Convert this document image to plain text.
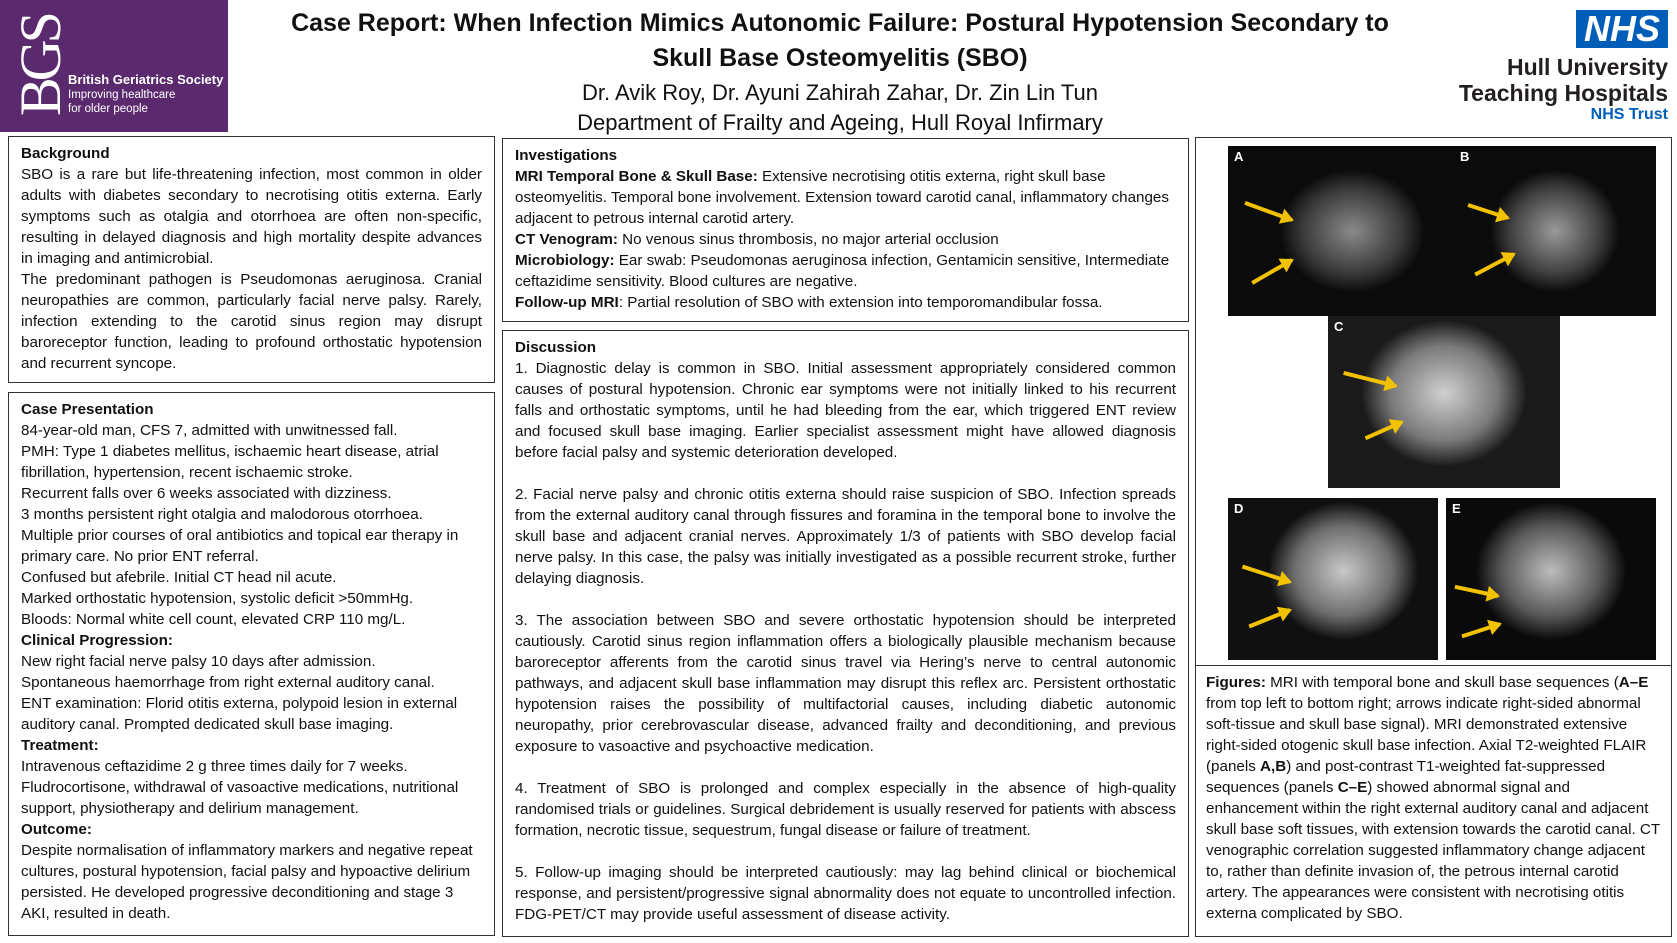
BGS
British Geriatrics Society
Improving healthcare
for older people
Case Report: When Infection Mimics Autonomic Failure: Postural Hypotension Secondary to Skull Base Osteomyelitis (SBO)
Dr. Avik Roy, Dr. Ayuni Zahirah Zahar, Dr. Zin Lin Tun
Department of Frailty and Ageing, Hull Royal Infirmary
NHS
Hull University
Teaching Hospitals
NHS Trust

Background

SBO is a rare but life-threatening infection, most common in older adults with diabetes secondary to necrotising otitis externa. Early symptoms such as otalgia and otorrhoea are often non-specific, resulting in delayed diagnosis and high mortality despite advances in imaging and antimicrobial.

The predominant pathogen is Pseudomonas aeruginosa. Cranial neuropathies are common, particularly facial nerve palsy. Rarely, infection extending to the carotid sinus region may disrupt baroreceptor function, leading to profound orthostatic hypotension and recurrent syncope.

Case Presentation

84-year-old man, CFS 7, admitted with unwitnessed fall.

PMH: Type 1 diabetes mellitus, ischaemic heart disease, atrial fibrillation, hypertension, recent ischaemic stroke.

Recurrent falls over 6 weeks associated with dizziness.

3 months persistent right otalgia and malodorous otorrhoea.

Multiple prior courses of oral antibiotics and topical ear therapy in primary care. No prior ENT referral.

Confused but afebrile. Initial CT head nil acute.

Marked orthostatic hypotension, systolic deficit >50mmHg.

Bloods: Normal white cell count, elevated CRP 110 mg/L.

Clinical Progression:

New right facial nerve palsy 10 days after admission.

Spontaneous haemorrhage from right external auditory canal.

ENT examination: Florid otitis externa, polypoid lesion in external auditory canal. Prompted dedicated skull base imaging.

Treatment:

Intravenous ceftazidime 2 g three times daily for 7 weeks.

Fludrocortisone, withdrawal of vasoactive medications, nutritional support, physiotherapy and delirium management.

Outcome:

Despite normalisation of inflammatory markers and negative repeat cultures, postural hypotension, facial palsy and hypoactive delirium persisted. He developed progressive deconditioning and stage 3 AKI, resulted in death.

Investigations

MRI Temporal Bone & Skull Base: Extensive necrotising otitis externa, right skull base osteomyelitis. Temporal bone involvement. Extension toward carotid canal, inflammatory changes adjacent to petrous internal carotid artery.

CT Venogram: No venous sinus thrombosis, no major arterial occlusion

Microbiology: Ear swab: Pseudomonas aeruginosa infection, Gentamicin sensitive, Intermediate ceftazidime sensitivity. Blood cultures are negative.

Follow-up MRI: Partial resolution of SBO with extension into temporomandibular fossa.

Discussion

1. Diagnostic delay is common in SBO. Initial assessment appropriately considered common causes of postural hypotension. Chronic ear symptoms were not initially linked to his recurrent falls and orthostatic symptoms, until he had bleeding from the ear, which triggered ENT review and focused skull base imaging. Earlier specialist assessment might have allowed diagnosis before facial palsy and systemic deterioration developed.

2. Facial nerve palsy and chronic otitis externa should raise suspicion of SBO. Infection spreads from the external auditory canal through fissures and foramina in the temporal bone to involve the skull base and adjacent cranial nerves. Approximately 1/3 of patients with SBO develop facial nerve palsy. In this case, the palsy was initially investigated as a possible recurrent stroke, further delaying diagnosis.

3. The association between SBO and severe orthostatic hypotension should be interpreted cautiously. Carotid sinus region inflammation offers a biologically plausible mechanism because baroreceptor afferents from the carotid sinus travel via Hering’s nerve to central autonomic pathways, and adjacent skull base inflammation may disrupt this reflex arc. Persistent orthostatic hypotension raises the possibility of multifactorial causes, including diabetic autonomic neuropathy, prior cerebrovascular disease, advanced frailty and deconditioning, and previous exposure to vasoactive and psychoactive medication.

4. Treatment of SBO is prolonged and complex especially in the absence of high-quality randomised trials or guidelines. Surgical debridement is usually reserved for patients with abscess formation, necrotic tissue, sequestrum, fungal disease or failure of treatment.

5. Follow-up imaging should be interpreted cautiously: may lag behind clinical or biochemical response, and persistent/progressive signal abnormality does not equate to uncontrolled infection. FDG-PET/CT may provide useful assessment of disease activity.

A	B
C
D	E

Figures: MRI with temporal bone and skull base sequences (A–E from top left to bottom right; arrows indicate right-sided abnormal soft-tissue and skull base signal). MRI demonstrated extensive right-sided otogenic skull base infection. Axial T2-weighted FLAIR (panels A,B) and post-contrast T1-weighted fat-suppressed sequences (panels C–E) showed abnormal signal and enhancement within the right external auditory canal and adjacent skull base soft tissues, with extension towards the carotid canal. CT venographic correlation suggested inflammatory change adjacent to, rather than definite invasion of, the petrous internal carotid artery. The appearances were consistent with necrotising otitis externa complicated by SBO.
